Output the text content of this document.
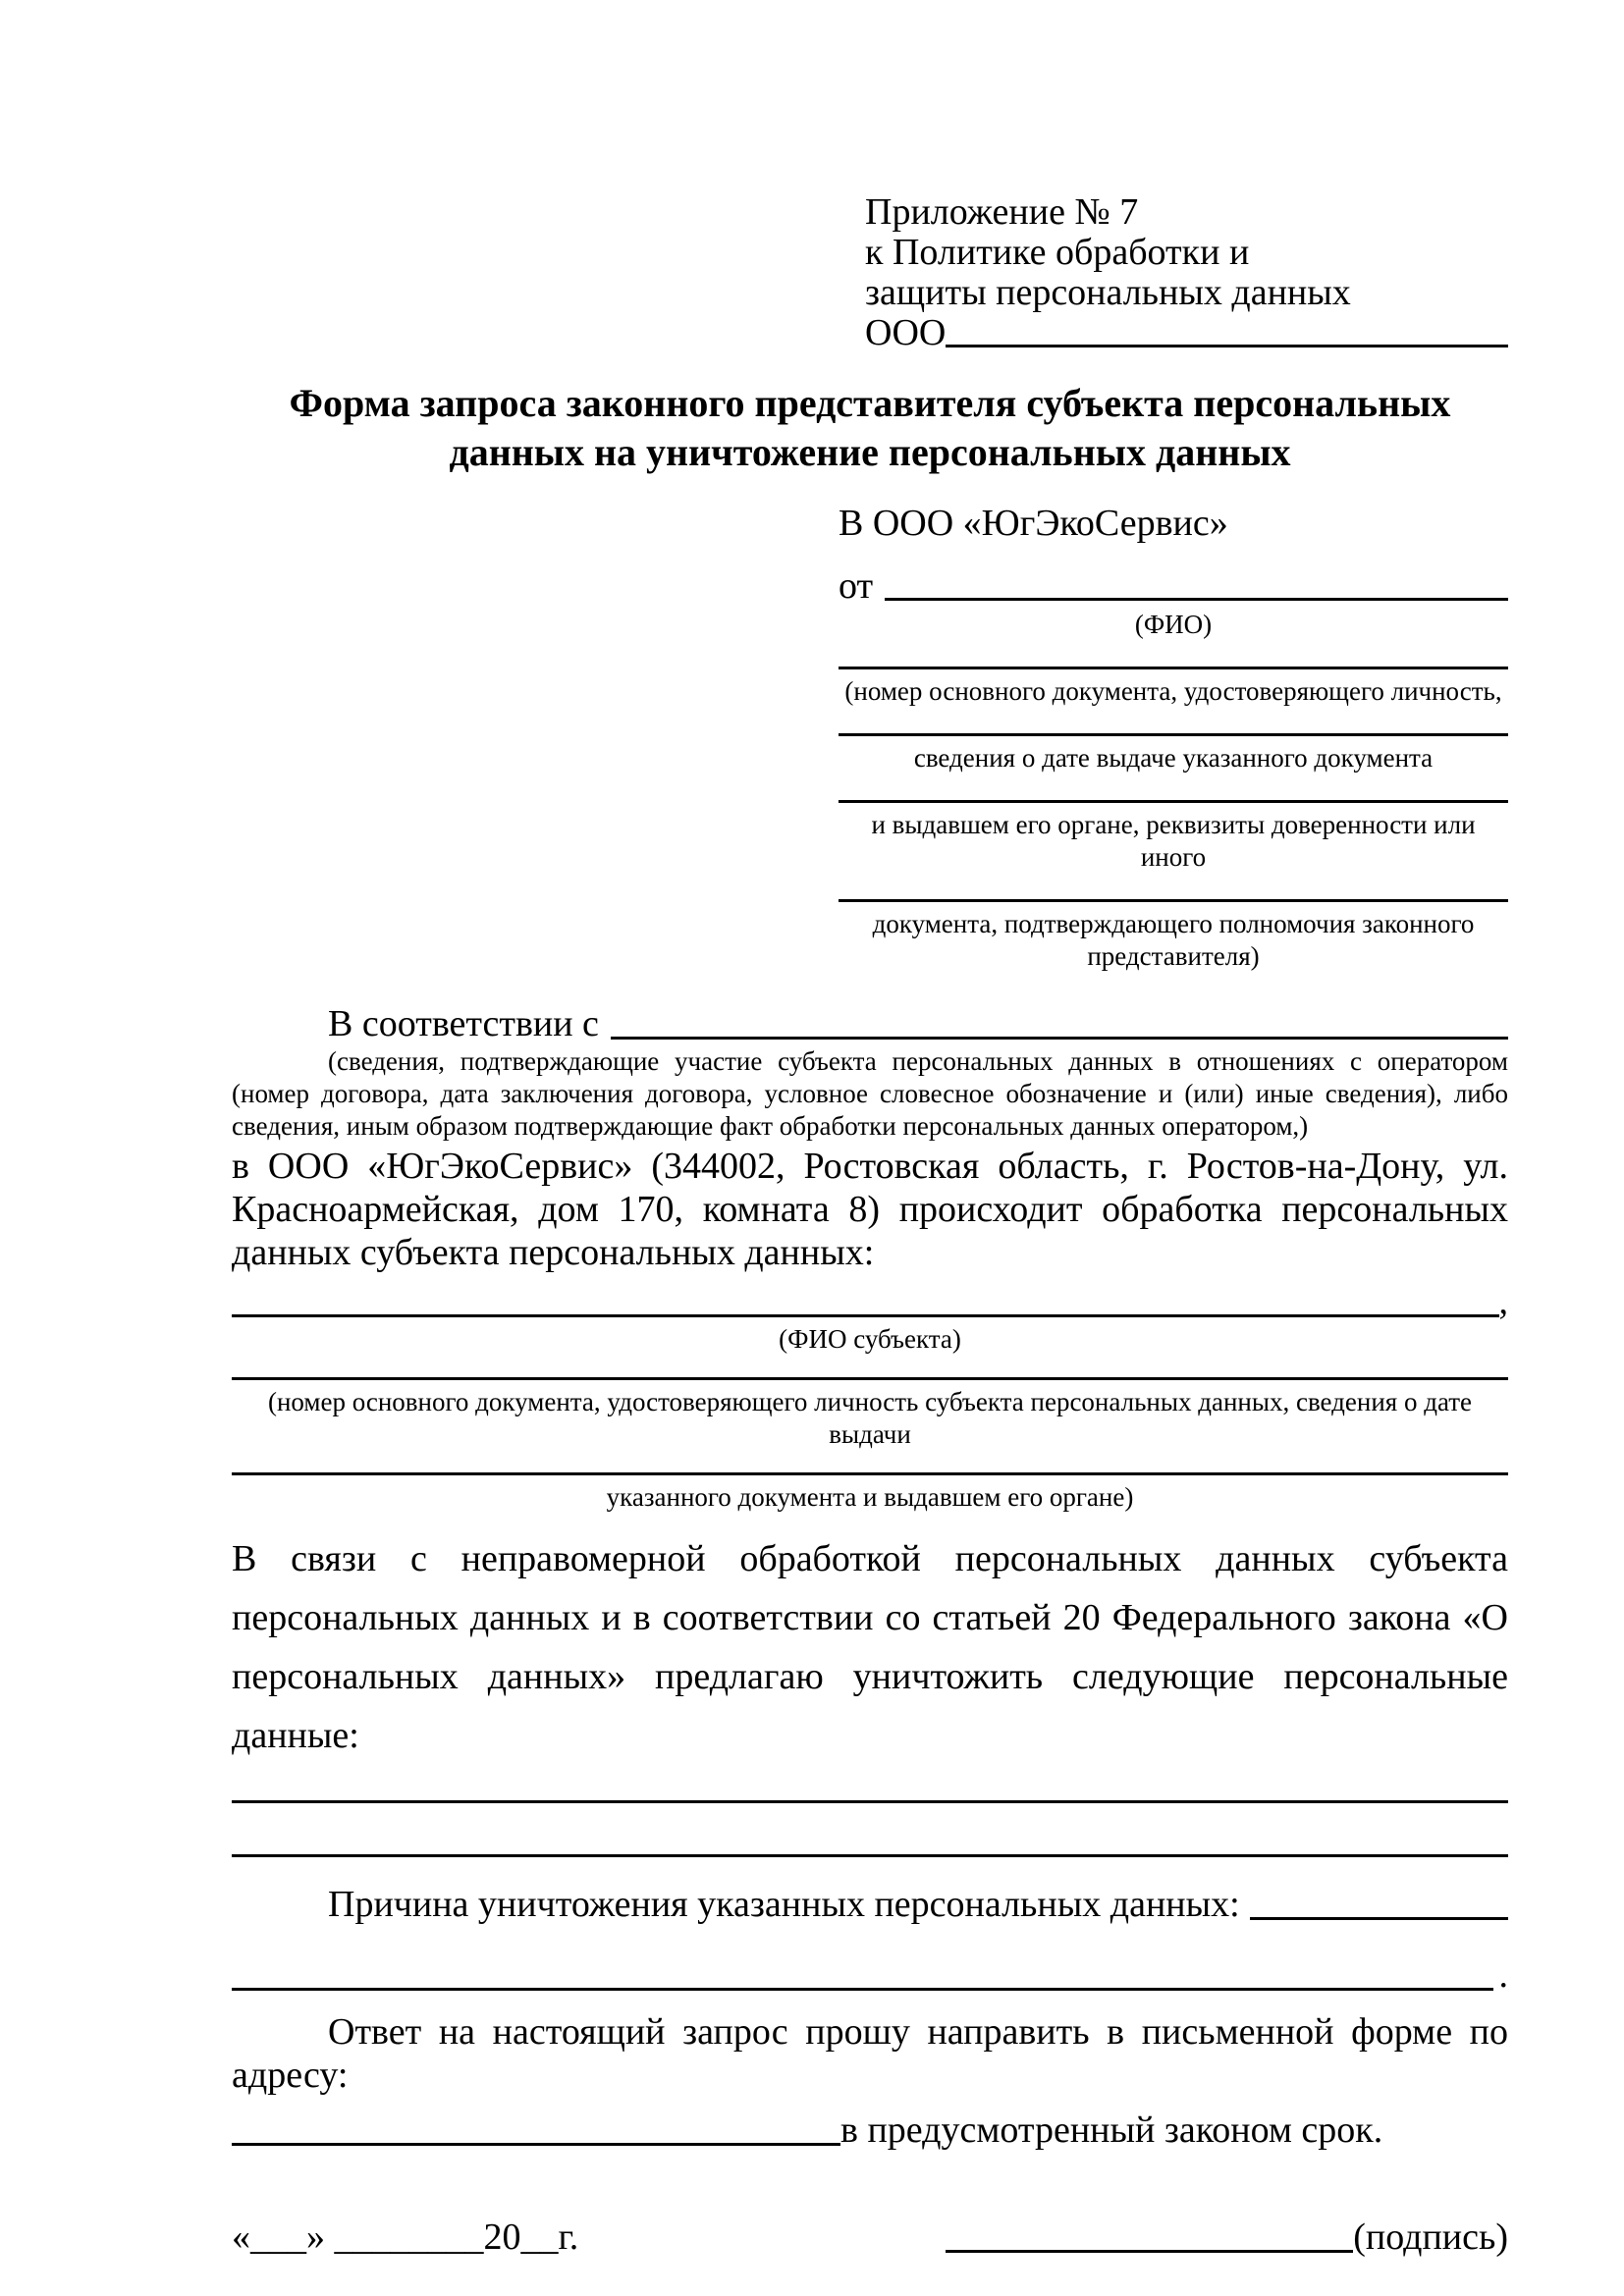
Приложение № 7
к Политике обработки и
защиты персональных данных
ООО
Форма запроса законного представителя субъекта персональных данных на уничтожение персональных данных
В ООО «ЮгЭкоСервис»
от
(ФИО)
(номер основного документа, удостоверяющего личность,
сведения о дате выдаче указанного документа
и выдавшем его органе, реквизиты доверенности или иного
документа, подтверждающего полномочия законного представителя)
В соответствии с
(сведения, подтверждающие участие субъекта персональных данных в отношениях с оператором (номер договора, дата заключения договора, условное словесное обозначение и (или) иные сведения), либо сведения, иным образом подтверждающие факт обработки персональных данных оператором,)
в ООО «ЮгЭкоСервис» (344002, Ростовская область, г. Ростов-на-Дону, ул. Красноармейская, дом 170, комната 8) происходит обработка персональных данных субъекта персональных данных:
,
(ФИО субъекта)
(номер основного документа, удостоверяющего личность субъекта персональных данных, сведения о дате выдачи
указанного документа и выдавшем его органе)
В связи с неправомерной обработкой персональных данных субъекта персональных данных и в соответствии со статьей 20 Федерального закона «О персональных данных» предлагаю уничтожить следующие персональные данные:
Причина уничтожения указанных персональных данных:
.
Ответ на настоящий запрос прошу направить в письменной форме по адресу:
в предусмотренный законом срок.
«___» ________20__г.	(подпись)
